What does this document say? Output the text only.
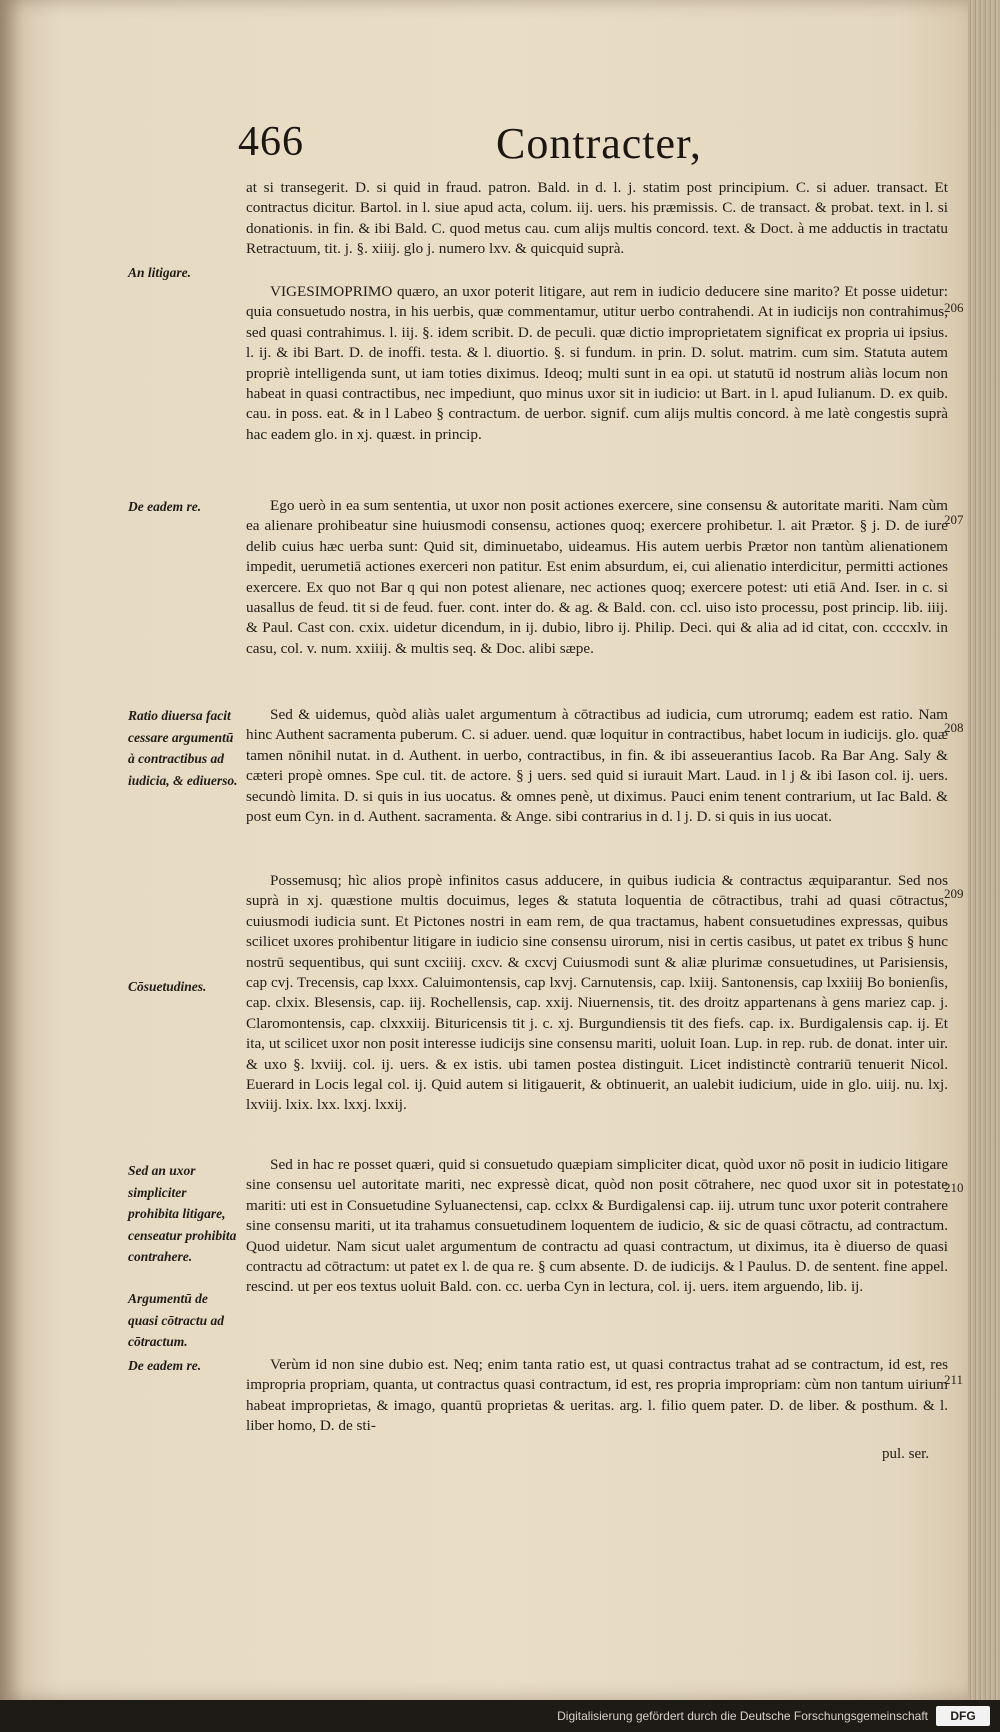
466	Contracter,
An litigare.
De eadem re.
Ratio diuersa facit cessare argumentū à contractibus ad iudicia, & ediuerso.
Cōsuetudines.
Sed an uxor simpliciter prohibita litigare, censeatur prohibita contrahere.
Argumentū de quasi cōtractu ad cōtractum.
De eadem re.
at si transegerit. D. si quid in fraud. patron. Bald. in d. l. j. statim post principium. C. si aduer. transact. Et contractus dicitur. Bartol. in l. siue apud acta, colum. iij. uers. his præmissis. C. de transact. & probat. text. in l. si donationis. in fin. & ibi Bald. C. quod metus cau. cum alijs multis concord. text. & Doct. à me adductis in tractatu Retractuum, tit. j. §. xiiij. glo j. numero lxv. & quicquid suprà.
VIGESIMOPRIMO quæro, an uxor poterit litigare, aut rem in iudicio deducere sine marito? Et posse uidetur: quia consuetudo nostra, in his uerbis, quæ commentamur, utitur uerbo contrahendi. At in iudicijs non contrahimus, sed quasi contrahimus. l. iij. §. idem scribit. D. de peculi. quæ dictio improprietatem significat ex propria ui ipsius. l. ij. & ibi Bart. D. de inoffi. testa. & l. diuortio. §. si fundum. in prin. D. solut. matrim. cum sim. Statuta autem propriè intelligenda sunt, ut iam toties diximus. Ideoq; multi sunt in ea opi. ut statutū id nostrum aliàs locum non habeat in quasi contractibus, nec impediunt, quo minus uxor sit in iudicio: ut Bart. in l. apud Iulianum. D. ex quib. cau. in poss. eat. & in l Labeo § contractum. de uerbor. signif. cum alijs multis concord. à me latè congestis suprà hac eadem glo. in xj. quæst. in princip.
Ego uerò in ea sum sententia, ut uxor non posit actiones exercere, sine consensu & autoritate mariti. Nam cùm ea alienare prohibeatur sine huiusmodi consensu, actiones quoq; exercere prohibetur. l. ait Prætor. § j. D. de iure delib cuius hæc uerba sunt: Quid sit, diminuetabo, uideamus. His autem uerbis Prætor non tantùm alienationem impedit, uerumetiā actiones exerceri non patitur. Est enim absurdum, ei, cui alienatio interdicitur, permitti actiones exercere. Ex quo not Bar q qui non potest alienare, nec actiones quoq; exercere potest: uti etiā And. Iser. in c. si uasallus de feud. tit si de feud. fuer. cont. inter do. & ag. & Bald. con. ccl. uiso isto processu, post princip. lib. iiij. & Paul. Cast con. cxix. uidetur dicendum, in ij. dubio, libro ij. Philip. Deci. qui & alia ad id citat, con. ccccxlv. in casu, col. v. num. xxiiij. & multis seq. & Doc. alibi sæpe.
Sed & uidemus, quòd aliàs ualet argumentum à cōtractibus ad iudicia, cum utrorumq; eadem est ratio. Nam hinc Authent sacramenta puberum. C. si aduer. uend. quæ loquitur in contractibus, habet locum in iudicijs. glo. quæ tamen nōnihil nutat. in d. Authent. in uerbo, contractibus, in fin. & ibi asseuerantius Iacob. Ra Bar Ang. Saly & cæteri propè omnes. Spe cul. tit. de actore. § j uers. sed quid si iurauit Mart. Laud. in l j & ibi Iason col. ij. uers. secundò limita. D. si quis in ius uocatus. & omnes penè, ut diximus. Pauci enim tenent contrarium, ut Iac Bald. & post eum Cyn. in d. Authent. sacramenta. & Ange. sibi contrarius in d. l j. D. si quis in ius uocat.
Possemusq; hìc alios propè infinitos casus adducere, in quibus iudicia & contractus æquiparantur. Sed nos suprà in xj. quæstione multis docuimus, leges & statuta loquentia de cōtractibus, trahi ad quasi cōtractus, cuiusmodi iudicia sunt. Et Pictones nostri in eam rem, de qua tractamus, habent consuetudines expressas, quibus scilicet uxores prohibentur litigare in iudicio sine consensu uirorum, nisi in certis casibus, ut patet ex tribus § hunc nostrū sequentibus, qui sunt cxciiij. cxcv. & cxcvj Cuiusmodi sunt & aliæ plurimæ consuetudines, ut Parisiensis, cap cvj. Trecensis, cap lxxx. Caluimontensis, cap lxvj. Carnutensis, cap. lxiij. Santonensis, cap lxxiiij Bo bonienſis, cap. clxix. Blesensis, cap. iij. Rochellensis, cap. xxij. Niuernensis, tit. des droitz appartenans à gens mariez cap. j. Claromontensis, cap. clxxxiij. Bituricensis tit j. c. xj. Burgundiensis tit des fiefs. cap. ix. Burdigalensis cap. ij. Et ita, ut scilicet uxor non posit interesse iudicijs sine consensu mariti, uoluit Ioan. Lup. in rep. rub. de donat. inter uir. & uxo §. lxviij. col. ij. uers. & ex istis. ubi tamen postea distinguit. Licet indistinctè contrariū tenuerit Nicol. Euerard in Locis legal col. ij. Quid autem si litigauerit, & obtinuerit, an ualebit iudicium, uide in glo. uiij. nu. lxj. lxviij. lxix. lxx. lxxj. lxxij.
Sed in hac re posset quæri, quid si consuetudo quæpiam simpliciter dicat, quòd uxor nō posit in iudicio litigare sine consensu uel autoritate mariti, nec expressè dicat, quòd non posit cōtrahere, nec quod uxor sit in potestate mariti: uti est in Consuetudine Syluanectensi, cap. cclxx & Burdigalensi cap. iij. utrum tunc uxor poterit contrahere sine consensu mariti, ut ita trahamus consuetudinem loquentem de iudicio, & sic de quasi cōtractu, ad contractum. Quod uidetur. Nam sicut ualet argumentum de contractu ad quasi contractum, ut diximus, ita è diuerso de quasi contractu ad cōtractum: ut patet ex l. de qua re. § cum absente. D. de iudicijs. & l Paulus. D. de sentent. fine appel. rescind. ut per eos textus uoluit Bald. con. cc. uerba Cyn in lectura, col. ij. uers. item arguendo, lib. ij.
Verùm id non sine dubio est. Neq; enim tanta ratio est, ut quasi contractus trahat ad se contractum, id est, res impropria propriam, quanta, ut contractus quasi contractum, id est, res propria impropriam: cùm non tantum uirium habeat improprietas, & imago, quantū proprietas & ueritas. arg. l. filio quem pater. D. de liber. & posthum. & l. liber homo, D. de sti-
206
207
208
209
210
211
pul. ser.
Digitalisierung gefördert durch die Deutsche Forschungsgemeinschaft	DFG
